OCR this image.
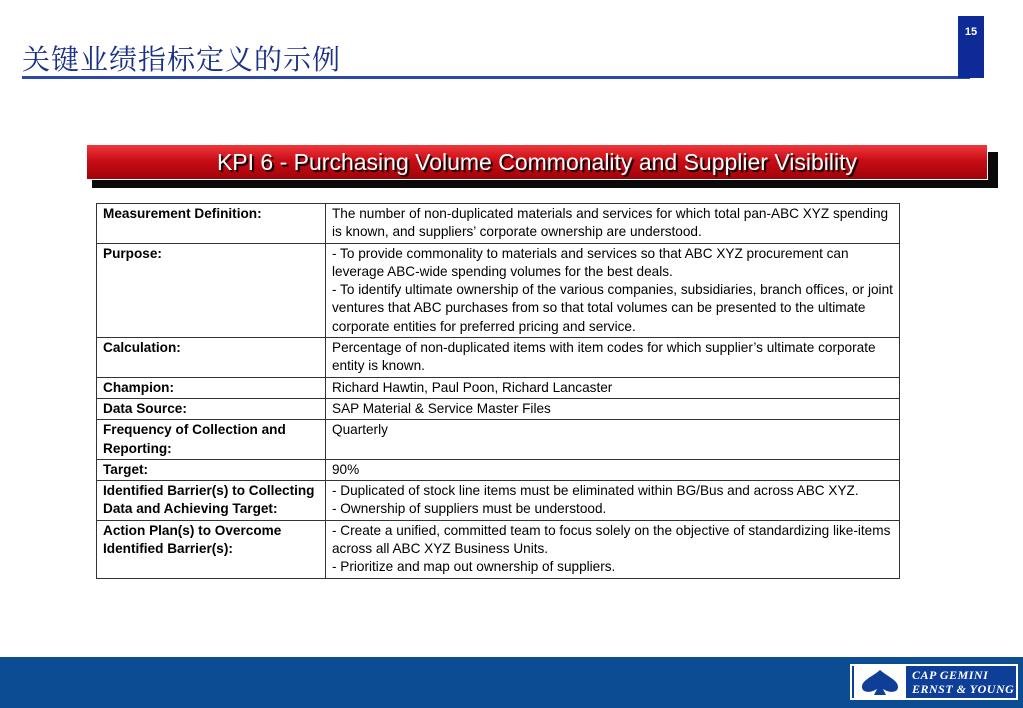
关键业绩指标定义的示例
15
KPI 6 - Purchasing Volume Commonality and Supplier Visibility
Measurement Definition:	The number of non-duplicated materials and services for which total pan-ABC XYZ spending is known, and suppliers’ corporate ownership are understood.

Purpose:	- To provide commonality to materials and services so that ABC XYZ procurement can leverage ABC-wide spending volumes for the best deals.
- To identify ultimate ownership of the various companies, subsidiaries, branch offices, or joint ventures that ABC purchases from so that total volumes can be presented to the ultimate corporate entities for preferred pricing and service.

Calculation:	Percentage of non-duplicated items with item codes for which supplier’s ultimate corporate entity is known.

Champion:	Richard Hawtin, Paul Poon, Richard Lancaster

Data Source:	SAP Material & Service Master Files

Frequency of Collection and Reporting:	Quarterly

Target:	90%

Identified Barrier(s) to Collecting Data and Achieving Target:	- Duplicated of stock line items must be eliminated within BG/Bus and across ABC XYZ.
- Ownership of suppliers must be understood.

Action Plan(s) to Overcome Identified Barrier(s):	- Create a unified, committed team to focus solely on the objective of standardizing like-items across all ABC XYZ Business Units.
- Prioritize and map out ownership of suppliers.
CAP GEMINI
ERNST & YOUNG
